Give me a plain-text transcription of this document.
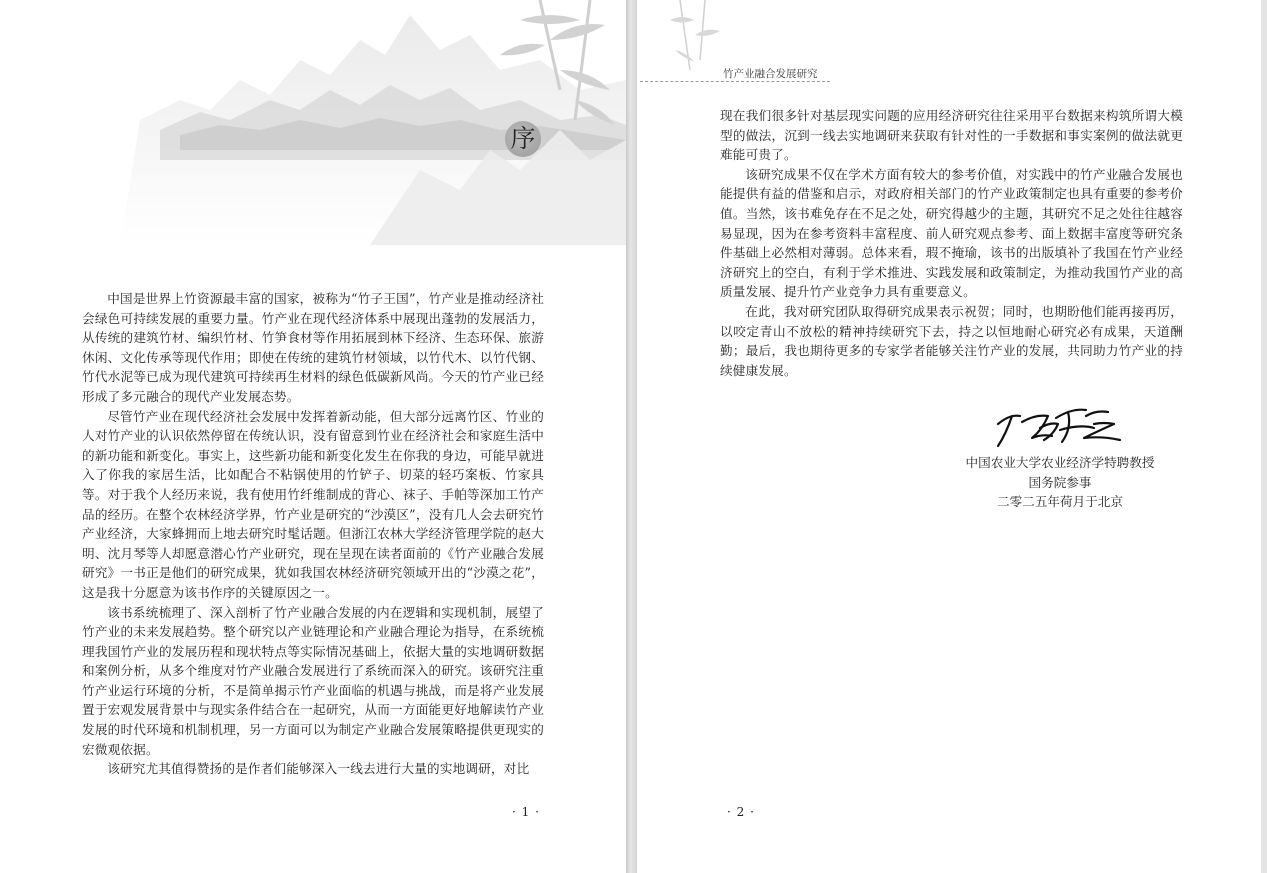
序

中国是世界上竹资源最丰富的国家，被称为“竹子王国”，竹产业是推动经济社会绿色可持续发展的重要力量。竹产业在现代经济体系中展现出蓬勃的发展活力，从传统的建筑竹材、编织竹材、竹笋食材等作用拓展到林下经济、生态环保、旅游休闲、文化传承等现代作用；即使在传统的建筑竹材领域，以竹代木、以竹代钢、竹代水泥等已成为现代建筑可持续再生材料的绿色低碳新风尚。今天的竹产业已经形成了多元融合的现代产业发展态势。

尽管竹产业在现代经济社会发展中发挥着新动能，但大部分远离竹区、竹业的人对竹产业的认识依然停留在传统认识，没有留意到竹业在经济社会和家庭生活中的新功能和新变化。事实上，这些新功能和新变化发生在你我的身边，可能早就进入了你我的家居生活，比如配合不粘锅使用的竹铲子、切菜的轻巧案板、竹家具等。对于我个人经历来说，我有使用竹纤维制成的背心、袜子、手帕等深加工竹产品的经历。在整个农林经济学界，竹产业是研究的“沙漠区”，没有几人会去研究竹产业经济，大家蜂拥而上地去研究时髦话题。但浙江农林大学经济管理学院的赵大明、沈月琴等人却愿意潜心竹产业研究，现在呈现在读者面前的《竹产业融合发展研究》一书正是他们的研究成果，犹如我国农林经济研究领域开出的“沙漠之花”，这是我十分愿意为该书作序的关键原因之一。

该书系统梳理了、深入剖析了竹产业融合发展的内在逻辑和实现机制，展望了竹产业的未来发展趋势。整个研究以产业链理论和产业融合理论为指导，在系统梳理我国竹产业的发展历程和现状特点等实际情况基础上，依据大量的实地调研数据和案例分析，从多个维度对竹产业融合发展进行了系统而深入的研究。该研究注重竹产业运行环境的分析，不是简单揭示竹产业面临的机遇与挑战，而是将产业发展置于宏观发展背景中与现实条件结合在一起研究，从而一方面能更好地解读竹产业发展的时代环境和机制机理，另一方面可以为制定产业融合发展策略提供更现实的宏微观依据。

该研究尤其值得赞扬的是作者们能够深入一线去进行大量的实地调研，对比

· 1 ·
竹产业融合发展研究

现在我们很多针对基层现实问题的应用经济研究往往采用平台数据来构筑所谓大模型的做法，沉到一线去实地调研来获取有针对性的一手数据和事实案例的做法就更难能可贵了。

该研究成果不仅在学术方面有较大的参考价值，对实践中的竹产业融合发展也能提供有益的借鉴和启示，对政府相关部门的竹产业政策制定也具有重要的参考价值。当然，该书难免存在不足之处，研究得越少的主题，其研究不足之处往往越容易显现，因为在参考资料丰富程度、前人研究观点参考、面上数据丰富度等研究条件基础上必然相对薄弱。总体来看，瑕不掩瑜，该书的出版填补了我国在竹产业经济研究上的空白，有利于学术推进、实践发展和政策制定，为推动我国竹产业的高质量发展、提升竹产业竞争力具有重要意义。

在此，我对研究团队取得研究成果表示祝贺；同时，也期盼他们能再接再厉，以咬定青山不放松的精神持续研究下去，持之以恒地耐心研究必有成果，天道酬勤；最后，我也期待更多的专家学者能够关注竹产业的发展，共同助力竹产业的持续健康发展。

中国农业大学农业经济学特聘教授
国务院参事
二零二五年荷月于北京
· 2 ·
